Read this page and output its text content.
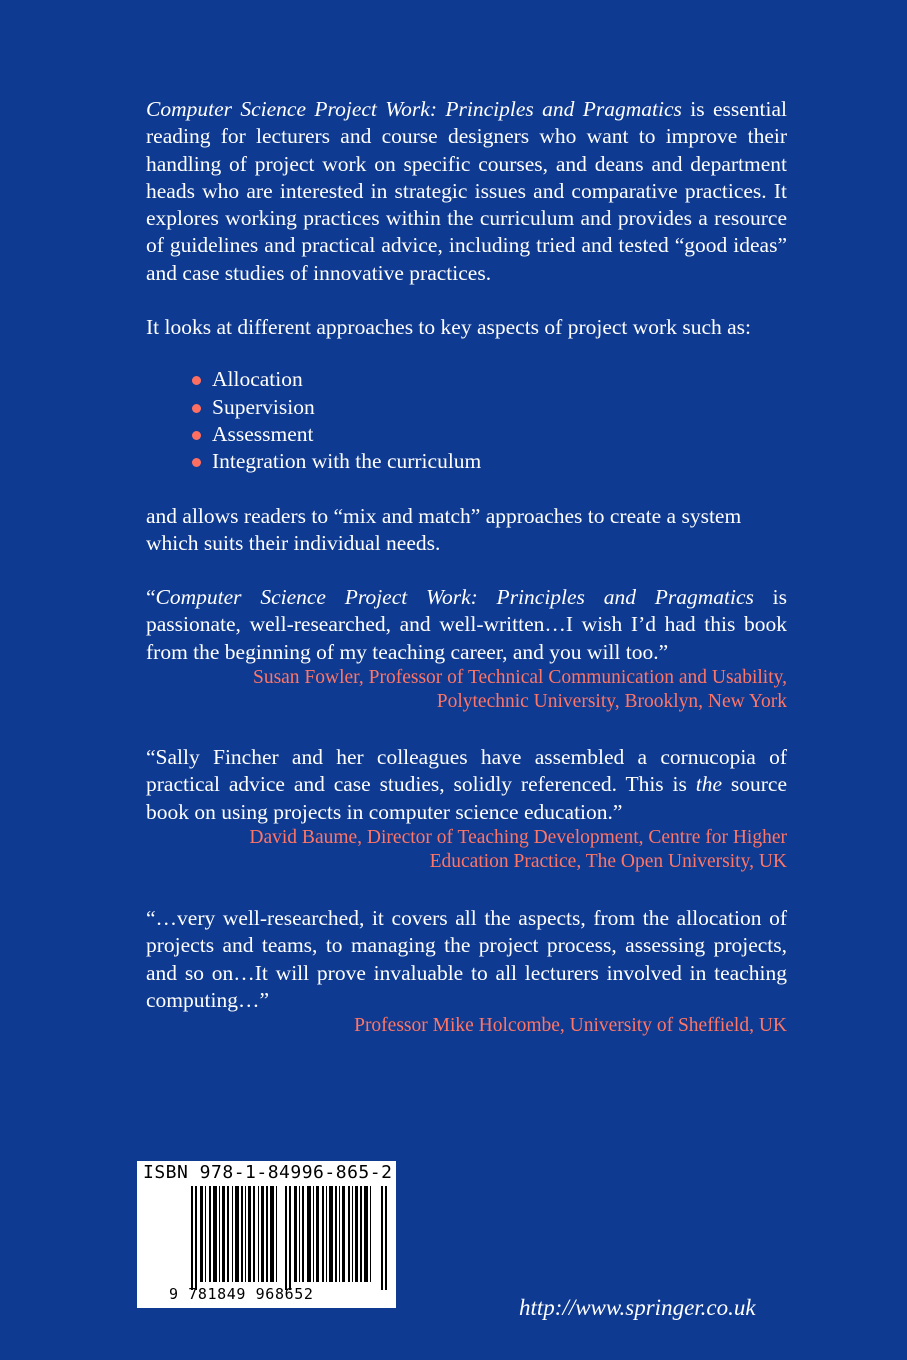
Computer Science Project Work: Principles and Pragmatics is essential reading for lecturers and course designers who want to improve their handling of project work on specific courses, and deans and department heads who are interested in strategic issues and comparative practices. It explores working practices within the curriculum and provides a resource of guidelines and practical advice, including tried and tested “good ideas” and case studies of innovative practices.

It looks at different approaches to key aspects of project work such as:

Allocation
Supervision
Assessment
Integration with the curriculum

and allows readers to “mix and match” approaches to create a system which suits their individual needs.

“Computer Science Project Work: Principles and Pragmatics is passionate, well-researched, and well-written…I wish I’d had this book from the beginning of my teaching career, and you will too.”

Susan Fowler, Professor of Technical Communication and Usability,
Polytechnic University, Brooklyn, New York

“Sally Fincher and her colleagues have assembled a cornucopia of practical advice and case studies, solidly referenced. This is the source book on using projects in computer science education.”

David Baume, Director of Teaching Development, Centre for Higher
Education Practice, The Open University, UK

“…very well-researched, it covers all the aspects, from the allocation of projects and teams, to managing the project process, assessing projects, and so on…It will prove invaluable to all lecturers involved in teaching computing…”

Professor Mike Holcombe, University of Sheffield, UK
ISBN 978-1-84996-865-2
9 781849 968652
http://www.springer.co.uk
